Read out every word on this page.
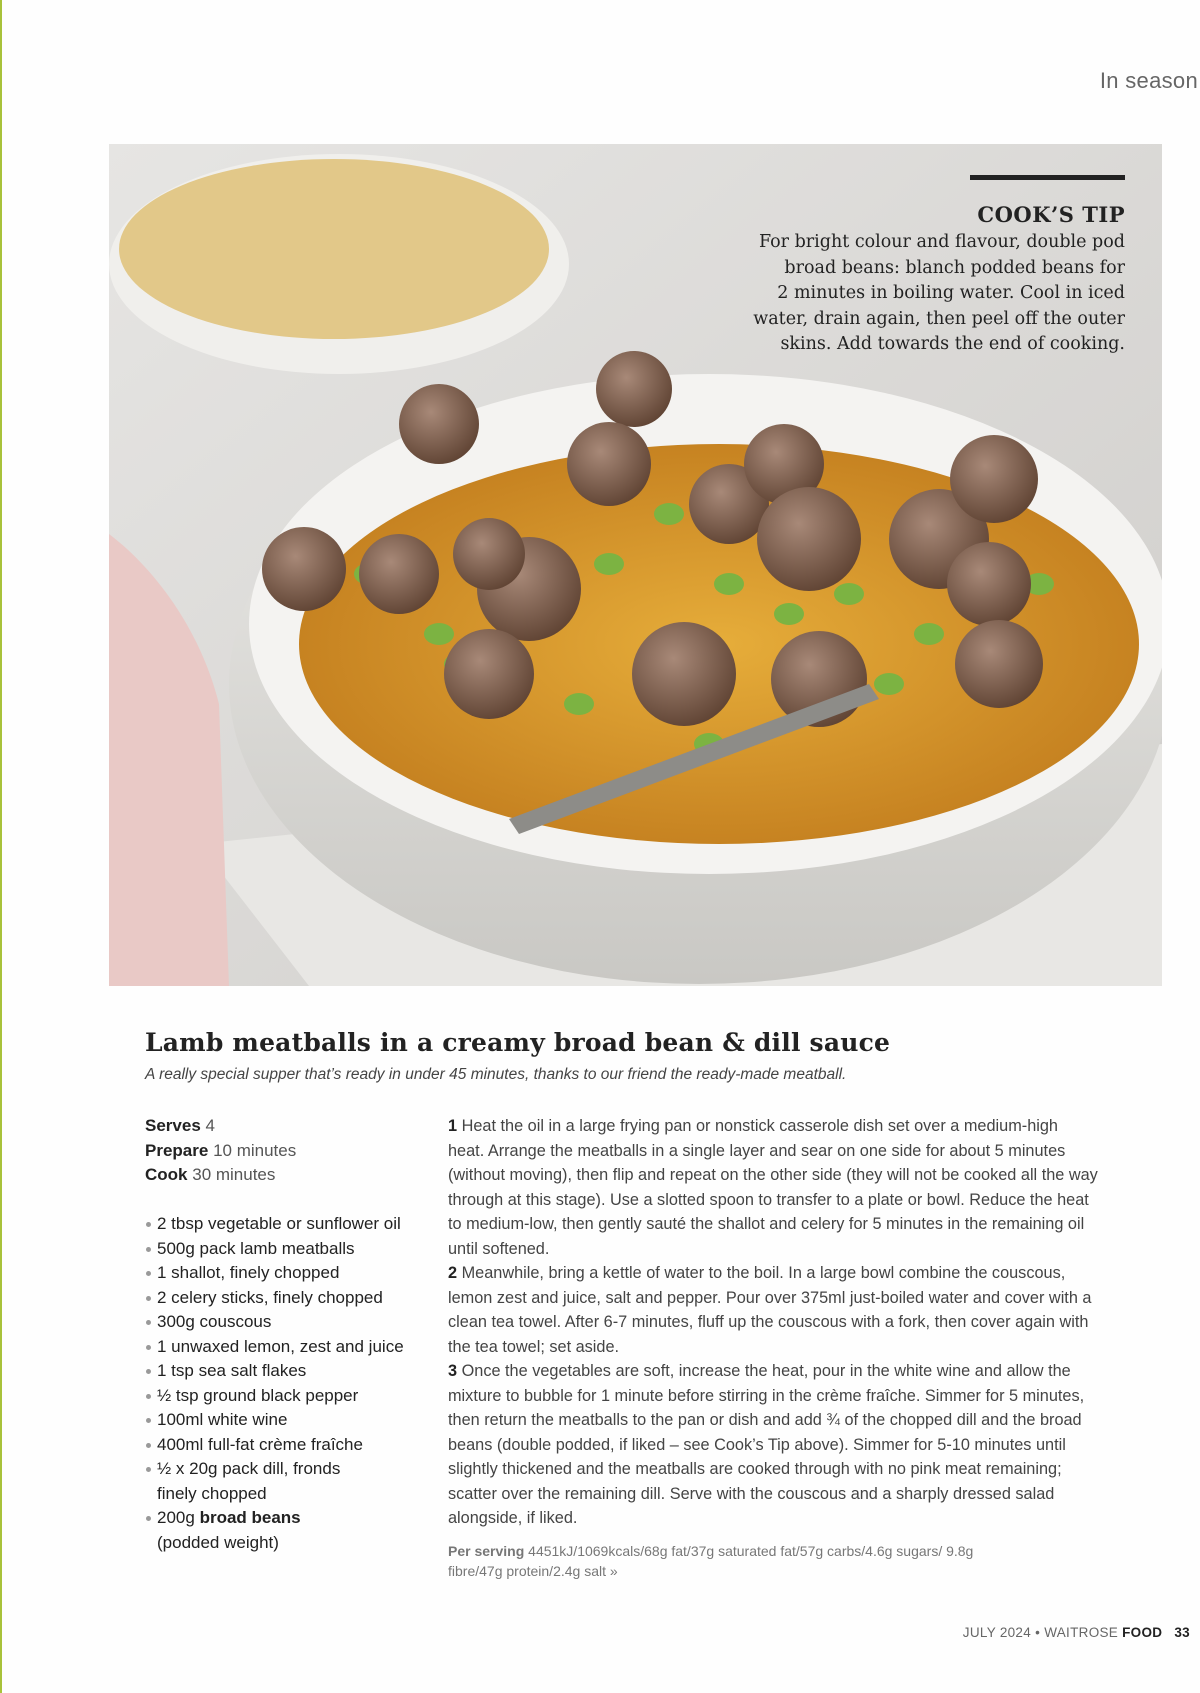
In season
COOK’S TIP
For bright colour and flavour, double pod
broad beans: blanch podded beans for
2 minutes in boiling water. Cool in iced
water, drain again, then peel off the outer
skins. Add towards the end of cooking.
Lamb meatballs in a creamy broad bean & dill sauce
A really special supper that’s ready in under 45 minutes, thanks to our friend the ready-made meatball.
Serves 4
Prepare 10 minutes
Cook 30 minutes
2 tbsp vegetable or sunflower oil
500g pack lamb meatballs
1 shallot, finely chopped
2 celery sticks, finely chopped
300g couscous
1 unwaxed lemon, zest and juice
1 tsp sea salt flakes
½ tsp ground black pepper
100ml white wine
400ml full-fat crème fraîche
½ x 20g pack dill, fronds finely chopped
200g broad beans
(podded weight)

1 Heat the oil in a large frying pan or nonstick casserole dish set over a medium-high heat. Arrange the meatballs in a single layer and sear on one side for about 5 minutes (without moving), then flip and repeat on the other side (they will not be cooked all the way through at this stage). Use a slotted spoon to transfer to a plate or bowl. Reduce the heat to medium-low, then gently sauté the shallot and celery for 5 minutes in the remaining oil until softened.

2 Meanwhile, bring a kettle of water to the boil. In a large bowl combine the couscous, lemon zest and juice, salt and pepper. Pour over 375ml just-boiled water and cover with a clean tea towel. After 6-7 minutes, fluff up the couscous with a fork, then cover again with the tea towel; set aside.

3 Once the vegetables are soft, increase the heat, pour in the white wine and allow the mixture to bubble for 1 minute before stirring in the crème fraîche. Simmer for 5 minutes, then return the meatballs to the pan or dish and add ¾ of the chopped dill and the broad beans (double podded, if liked – see Cook’s Tip above). Simmer for 5-10 minutes until slightly thickened and the meatballs are cooked through with no pink meat remaining; scatter over the remaining dill. Serve with the couscous and a sharply dressed salad alongside, if liked.

Per serving 4451kJ/1069kcals/68g fat/37g saturated fat/57g carbs/4.6g sugars/ 9.8g fibre/47g protein/2.4g salt »
JULY 2024 • WAITROSE FOOD 33
